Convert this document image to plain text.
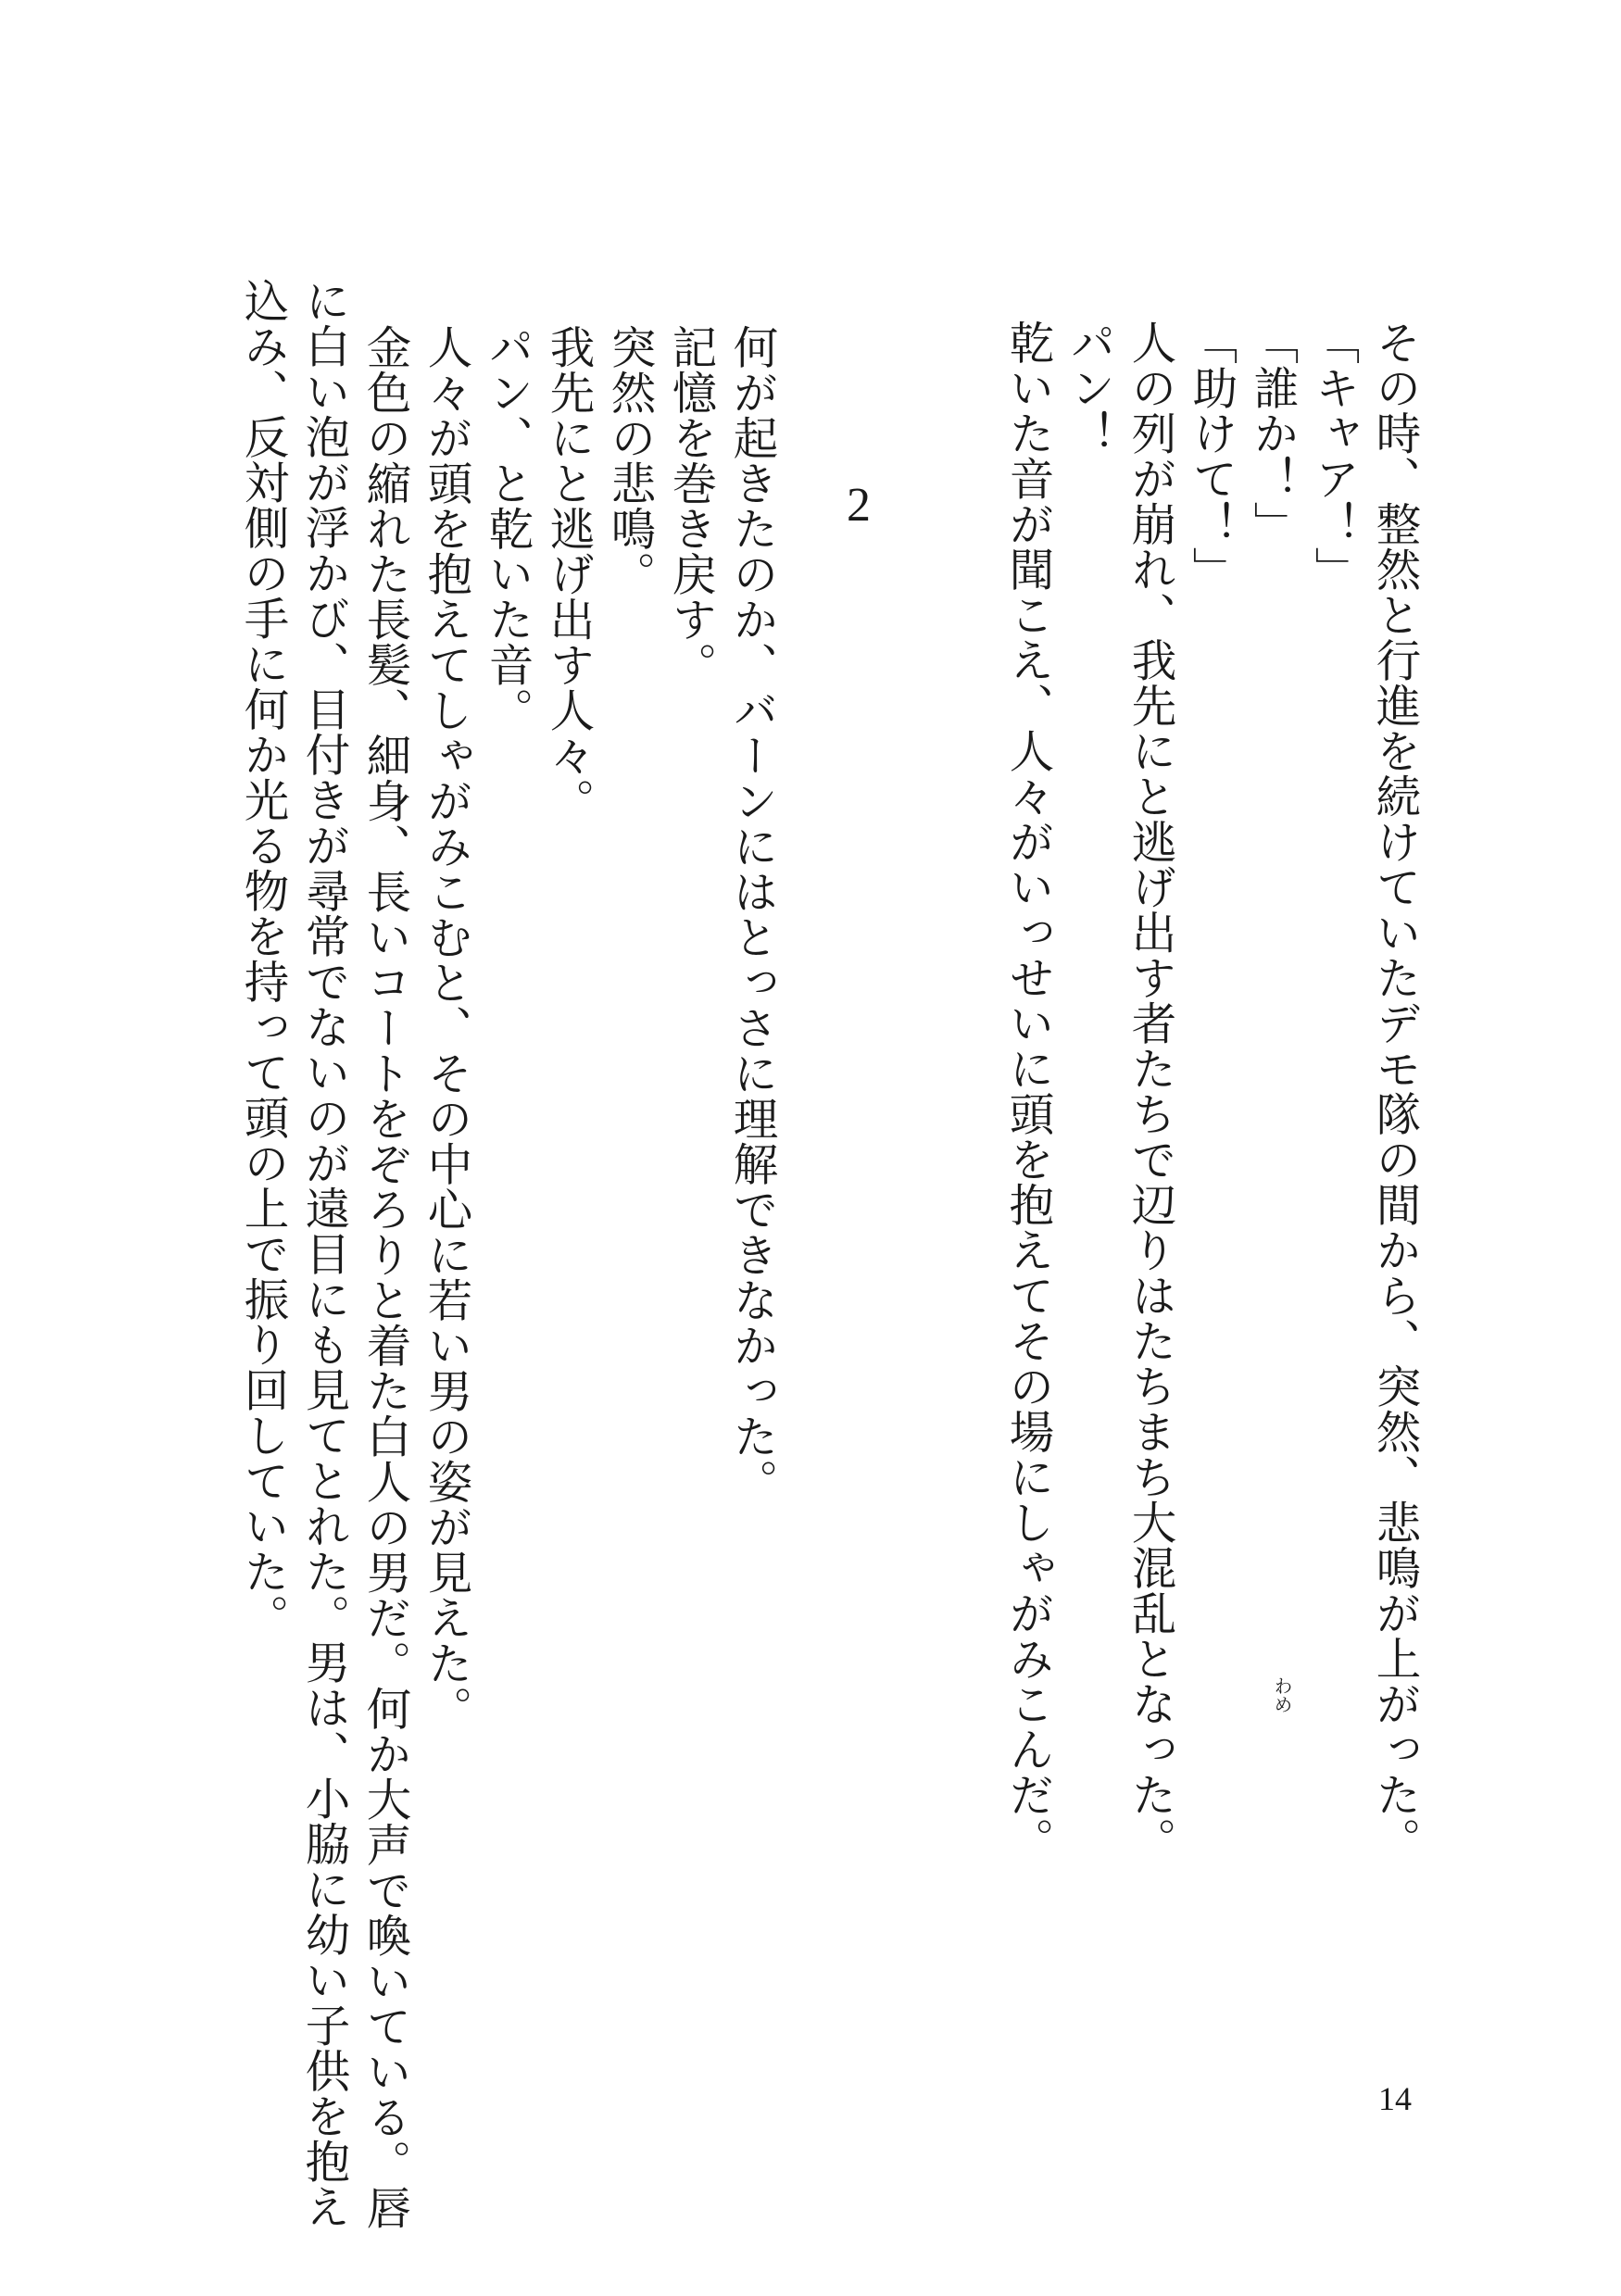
その時、整然と行進を続けていたデモ隊の間から、突然、悲鳴が上がった。
「キャア！」
「誰か！」
「助けて！」
人の列が崩れ、我先にと逃げ出す者たちで辺りはたちまち大混乱となった。
パン！
乾いた音が聞こえ、人々がいっせいに頭を抱えてその場にしゃがみこんだ。
2
何が起きたのか、バーンにはとっさに理解できなかった。
記憶を巻き戻す。
突然の悲鳴。
我先にと逃げ出す人々。
パン、と乾いた音。
人々が頭を抱えてしゃがみこむと、その中心に若い男の姿が見えた。
金色の縮れた長髪、細身、長いコートをぞろりと着た白人の男だ。何か大声で喚いている。唇
に白い泡が浮かび、目付きが尋常でないのが遠目にも見てとれた。男は、小脇に幼い子供を抱え
込み、反対側の手に何か光る物を持って頭の上で振り回していた。
わめ
14
